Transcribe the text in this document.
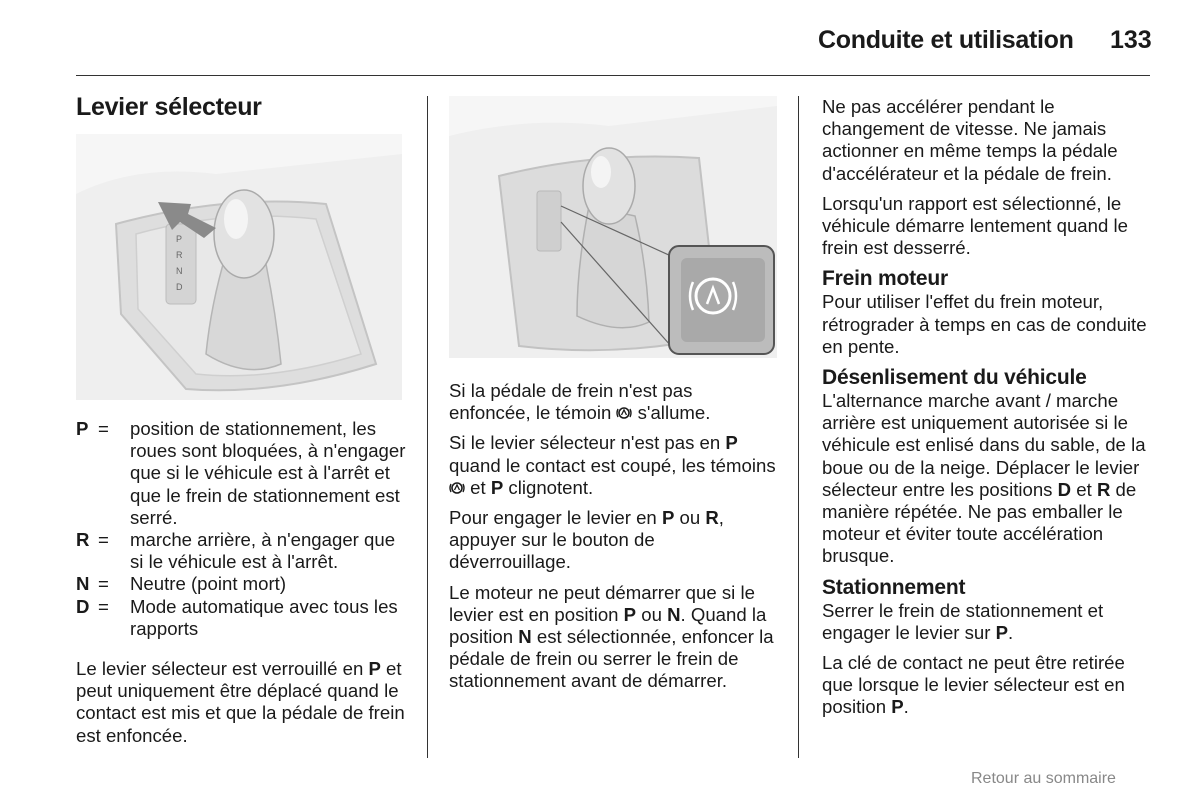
Conduite et utilisation 133
Levier sélecteur
P
R
N
D
P =	position de stationnement, les roues sont bloquées, à n'engager que si le véhicule est à l'arrêt et que le frein de stationnement est serré.
R =	marche arrière, à n'engager que si le véhicule est à l'arrêt.
N =	Neutre (point mort)
D =	Mode automatique avec tous les rapports

Le levier sélecteur est verrouillé en P et peut uniquement être déplacé quand le contact est mis et que la pédale de frein est enfoncée.

Si la pédale de frein n'est pas enfoncée, le témoin  s'allume.

Si le levier sélecteur n'est pas en P quand le contact est coupé, les témoins  et P clignotent.

Pour engager le levier en P ou R, appuyer sur le bouton de déverrouillage.

Le moteur ne peut démarrer que si le levier est en position P ou N. Quand la position N est sélectionnée, enfoncer la pédale de frein ou serrer le frein de stationnement avant de démarrer.

Ne pas accélérer pendant le changement de vitesse. Ne jamais actionner en même temps la pédale d'accélérateur et la pédale de frein.

Lorsqu'un rapport est sélectionné, le véhicule démarre lentement quand le frein est desserré.

Frein moteur

Pour utiliser l'effet du frein moteur, rétrograder à temps en cas de conduite en pente.

Désenlisement du véhicule

L'alternance marche avant / marche arrière est uniquement autorisée si le véhicule est enlisé dans du sable, de la boue ou de la neige. Déplacer le levier sélecteur entre les positions D et R de manière répétée. Ne pas emballer le moteur et éviter toute accélération brusque.

Stationnement

Serrer le frein de stationnement et engager le levier sur P.

La clé de contact ne peut être retirée que lorsque le levier sélecteur est en position P.

Retour au sommaire
